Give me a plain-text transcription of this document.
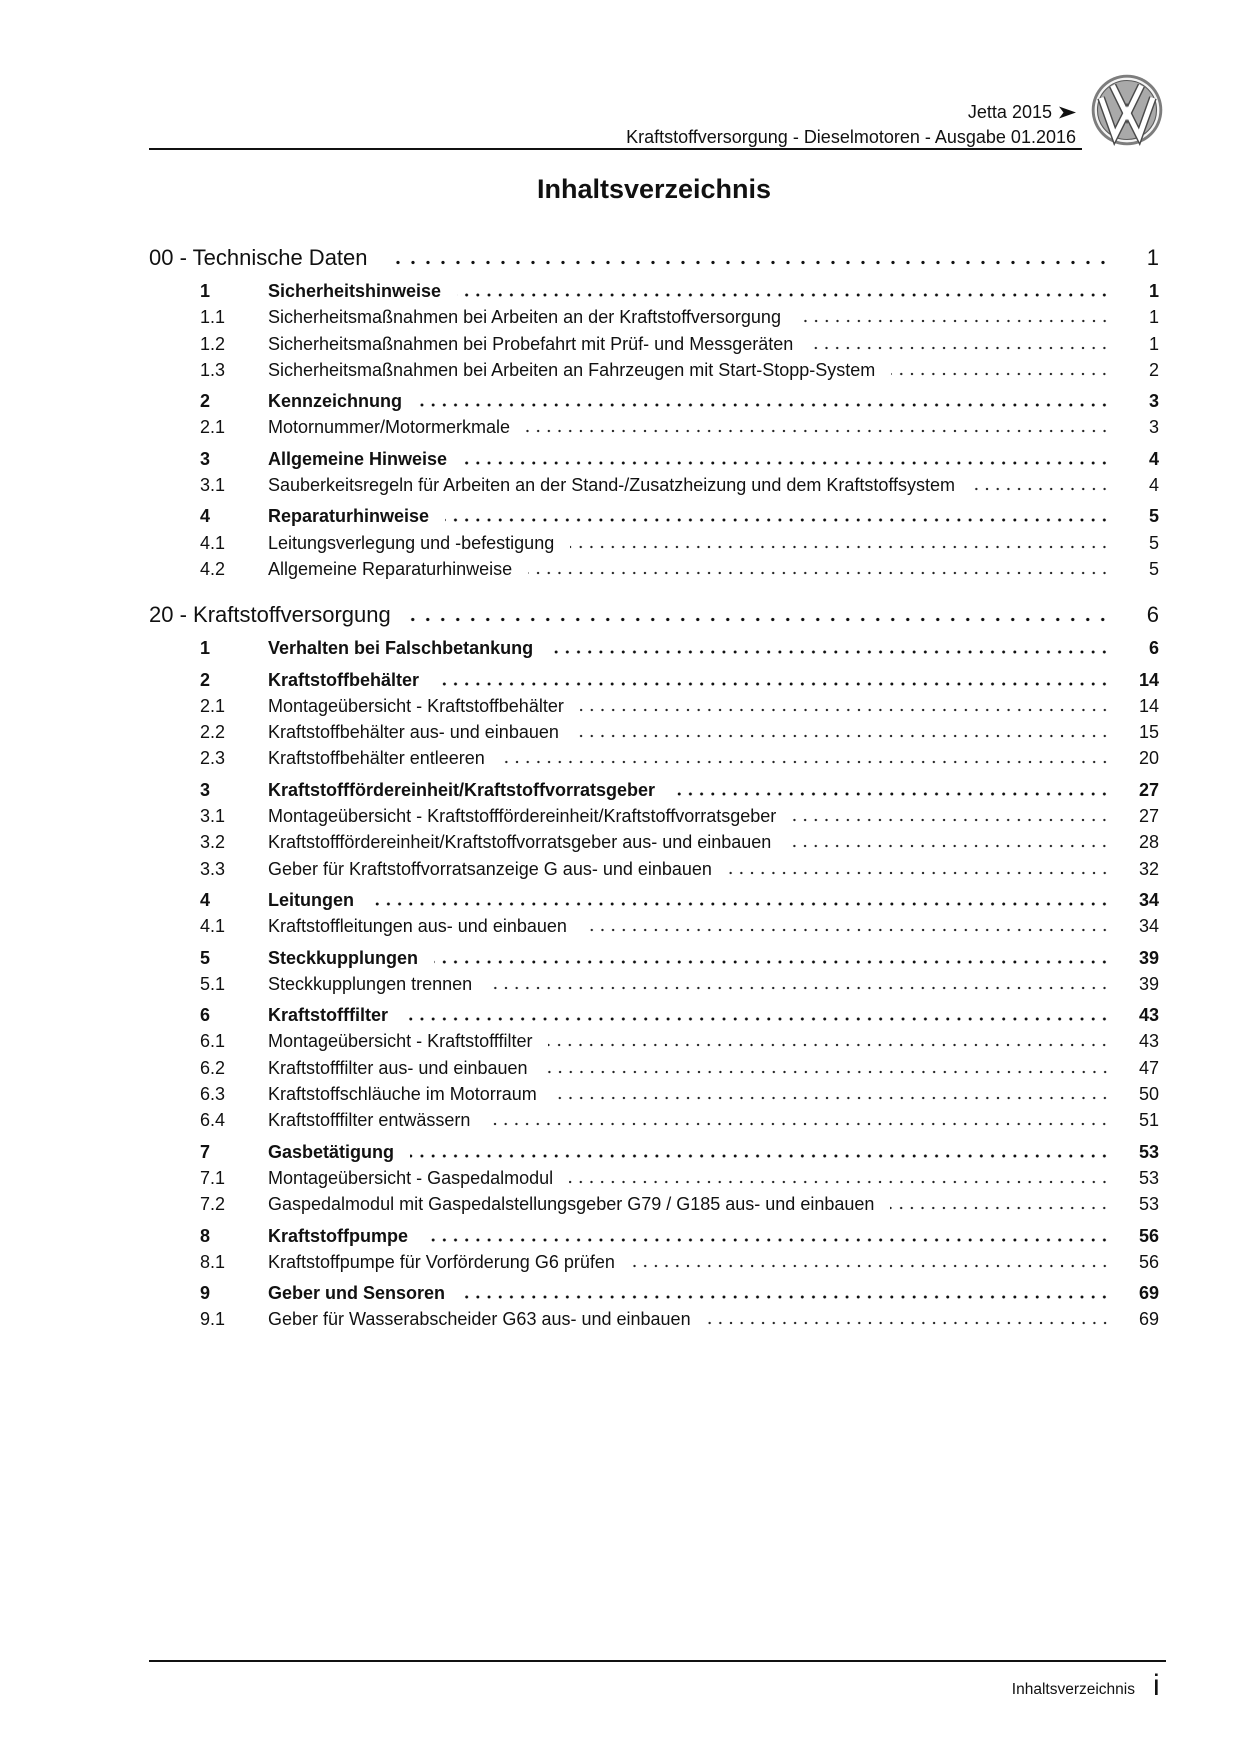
Jetta 2015
Kraftstoffversorgung - Dieselmotoren - Ausgabe 01.2016
Inhaltsverzeichnis
00 - Technische Daten	1
1	Sicherheitshinweise	1
1.1	Sicherheitsmaßnahmen bei Arbeiten an der Kraftstoffversorgung	1
1.2	Sicherheitsmaßnahmen bei Probefahrt mit Prüf- und Messgeräten	1
1.3	Sicherheitsmaßnahmen bei Arbeiten an Fahrzeugen mit Start-Stopp-System	2
2	Kennzeichnung	3
2.1	Motornummer/Motormerkmale	3
3	Allgemeine Hinweise	4
3.1	Sauberkeitsregeln für Arbeiten an der Stand-/Zusatzheizung und dem Kraftstoffsystem	4
4	Reparaturhinweise	5
4.1	Leitungsverlegung und -befestigung	5
4.2	Allgemeine Reparaturhinweise	5
20 - Kraftstoffversorgung	6
1	Verhalten bei Falschbetankung	6
2	Kraftstoffbehälter	14
2.1	Montageübersicht - Kraftstoffbehälter	14
2.2	Kraftstoffbehälter aus- und einbauen	15
2.3	Kraftstoffbehälter entleeren	20
3	Kraftstofffördereinheit/Kraftstoffvorratsgeber	27
3.1	Montageübersicht - Kraftstofffördereinheit/Kraftstoffvorratsgeber	27
3.2	Kraftstofffördereinheit/Kraftstoffvorratsgeber aus- und einbauen	28
3.3	Geber für Kraftstoffvorratsanzeige G aus- und einbauen	32
4	Leitungen	34
4.1	Kraftstoffleitungen aus- und einbauen	34
5	Steckkupplungen	39
5.1	Steckkupplungen trennen	39
6	Kraftstofffilter	43
6.1	Montageübersicht - Kraftstofffilter	43
6.2	Kraftstofffilter aus- und einbauen	47
6.3	Kraftstoffschläuche im Motorraum	50
6.4	Kraftstofffilter entwässern	51
7	Gasbetätigung	53
7.1	Montageübersicht - Gaspedalmodul	53
7.2	Gaspedalmodul mit Gaspedalstellungsgeber G79 / G185 aus- und einbauen	53
8	Kraftstoffpumpe	56
8.1	Kraftstoffpumpe für Vorförderung G6 prüfen	56
9	Geber und Sensoren	69
9.1	Geber für Wasserabscheider G63 aus- und einbauen	69
Inhaltsverzeichnis i
